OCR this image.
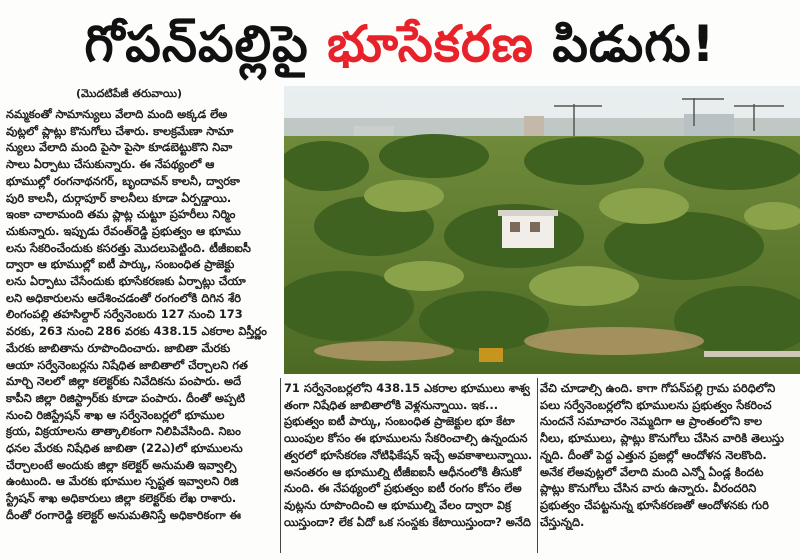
గోపన్‌పల్లిపై భూసేకరణ పిడుగు!
(మొదటిపేజీ తరువాయి)
నమ్మకంతో సామాన్యులు వేలాది మంది అక్కడ లేఅ
వుట్లలో ప్లాట్లు కొనుగోలు చేశారు. కాలక్రమేణా సామా
న్యులు వేలాది మంది పైసా పైసా కూడబెట్టుకొని నివా
సాలు ఏర్పాటు చేసుకున్నారు. ఈ నేపథ్యంలో ఆ
భూముల్లో రంగనాథనగర్, బృందావన్ కాలనీ, ద్వారకా
పురి కాలనీ, దుర్గాపూర్ కాలనీలు కూడా ఏర్పడ్డాయి.
ఇంకా చాలామంది తమ ప్లాట్ల చుట్టూ ప్రహరీలు నిర్మిం
చుకున్నారు. ఇప్పుడు రేవంత్‌రెడ్డి ప్రభుత్వం ఆ భూము
లను సేకరించేందుకు కసరత్తు మొదలుపెట్టింది. టీజీఐఐసీ
ద్వారా ఆ భూముల్లో ఐటీ పార్కు, సంబంధిత ప్రాజెక్టు
లను ఏర్పాటు చేసేందుకు భూసేకరణకు ఏర్పాట్లు చేయా
లని అధికారులను ఆదేశించడంతో రంగంలోకి దిగిన శేరి
లింగంపల్లి తహసిల్దార్ సర్వేనెంబరు 127 నుంచి 173
వరకు, 263 నుంచి 286 వరకు 438.15 ఎకరాల విస్తీర్ణం
మేరకు జాబితాను రూపొందించారు. జాబితా మేరకు
ఆయా సర్వేనెంబర్లను నిషేధిత జాబితాలో చేర్చాలని గత
మార్చి నెలలో జిల్లా కలెక్టర్‌కు నివేదికను పంపారు. అదే
కాపీని జిల్లా రిజిస్ట్రార్‌కు కూడా పంపారు. దీంతో అప్పటి
నుంచి రిజిస్ట్రేషన్ శాఖ ఆ సర్వేనెంబర్లలో భూముల
క్రయ, విక్రయాలను తాత్కాలికంగా నిలిపివేసింది. నిబం
ధనల మేరకు నిషేధిత జాబితా (22ఎ)లో భూములను
చేర్చాలంటే అందుకు జిల్లా కలెక్టర్ అనుమతి ఇవ్వాల్సి
ఉంటుంది. ఆ మేరకు భూముల స్పష్టత ఇవ్వాలని రిజి
స్ట్రేషన్ శాఖ అధికారులు జిల్లా కలెక్టర్‌కు లేఖ రాశారు.
దీంతో రంగారెడ్డి కలెక్టర్ అనుమతినిస్తే అధికారికంగా ఈ
71 సర్వేనెంబర్లలోని 438.15 ఎకరాల భూములు శాశ్వ
తంగా నిషేధిత జాబితాలోకి వెళ్లనున్నాయి. ఇక...
ప్రభుత్వం ఐటీ పార్కు, సంబంధిత ప్రాజెక్టుల భూ కేటా
యింపుల కోసం ఈ భూములను సేకరించాల్సి ఉన్నందున
త్వరలో భూసేకరణ నోటిఫికేషన్ ఇచ్చే అవకాశాలున్నాయి.
అనంతరం ఆ భూముల్ని టీజీఐఐసీ ఆధీనంలోకి తీసుకో
నుంది. ఈ నేపథ్యంలో ప్రభుత్వం ఐటీ రంగం కోసం లేఅ
వుట్లను రూపొందించి ఆ భూముల్ని వేలం ద్వారా విక్ర
యిస్తుందా? లేక ఏదో ఒక సంస్థకు కేటాయిస్తుందా? అనేది
వేచి చూడాల్సి ఉంది. కాగా గోపన్‌పల్లి గ్రామ పరిధిలోని
పలు సర్వేనెంబర్లలోని భూములను ప్రభుత్వం సేకరించ
నుందనే సమాచారం నెమ్మదిగా ఆ ప్రాంతంలోని కాల
నీలు, భూములు, ప్లాట్లు కొనుగోలు చేసిన వారికి తెలుస్తు
న్నది. దీంతో పెద్ద ఎత్తున ప్రజల్లో ఆందోళన నెలకొంది.
అనేక లేఅవుట్లలో వేలాది మంది ఎన్నో ఏండ్ల కిందట
ప్లాట్లు కొనుగోలు చేసిన వారు ఉన్నారు. వీరందరిని
ప్రభుత్వం చేపట్టనున్న భూసేకరణతో ఆందోళనకు గురి
చేస్తున్నది.
